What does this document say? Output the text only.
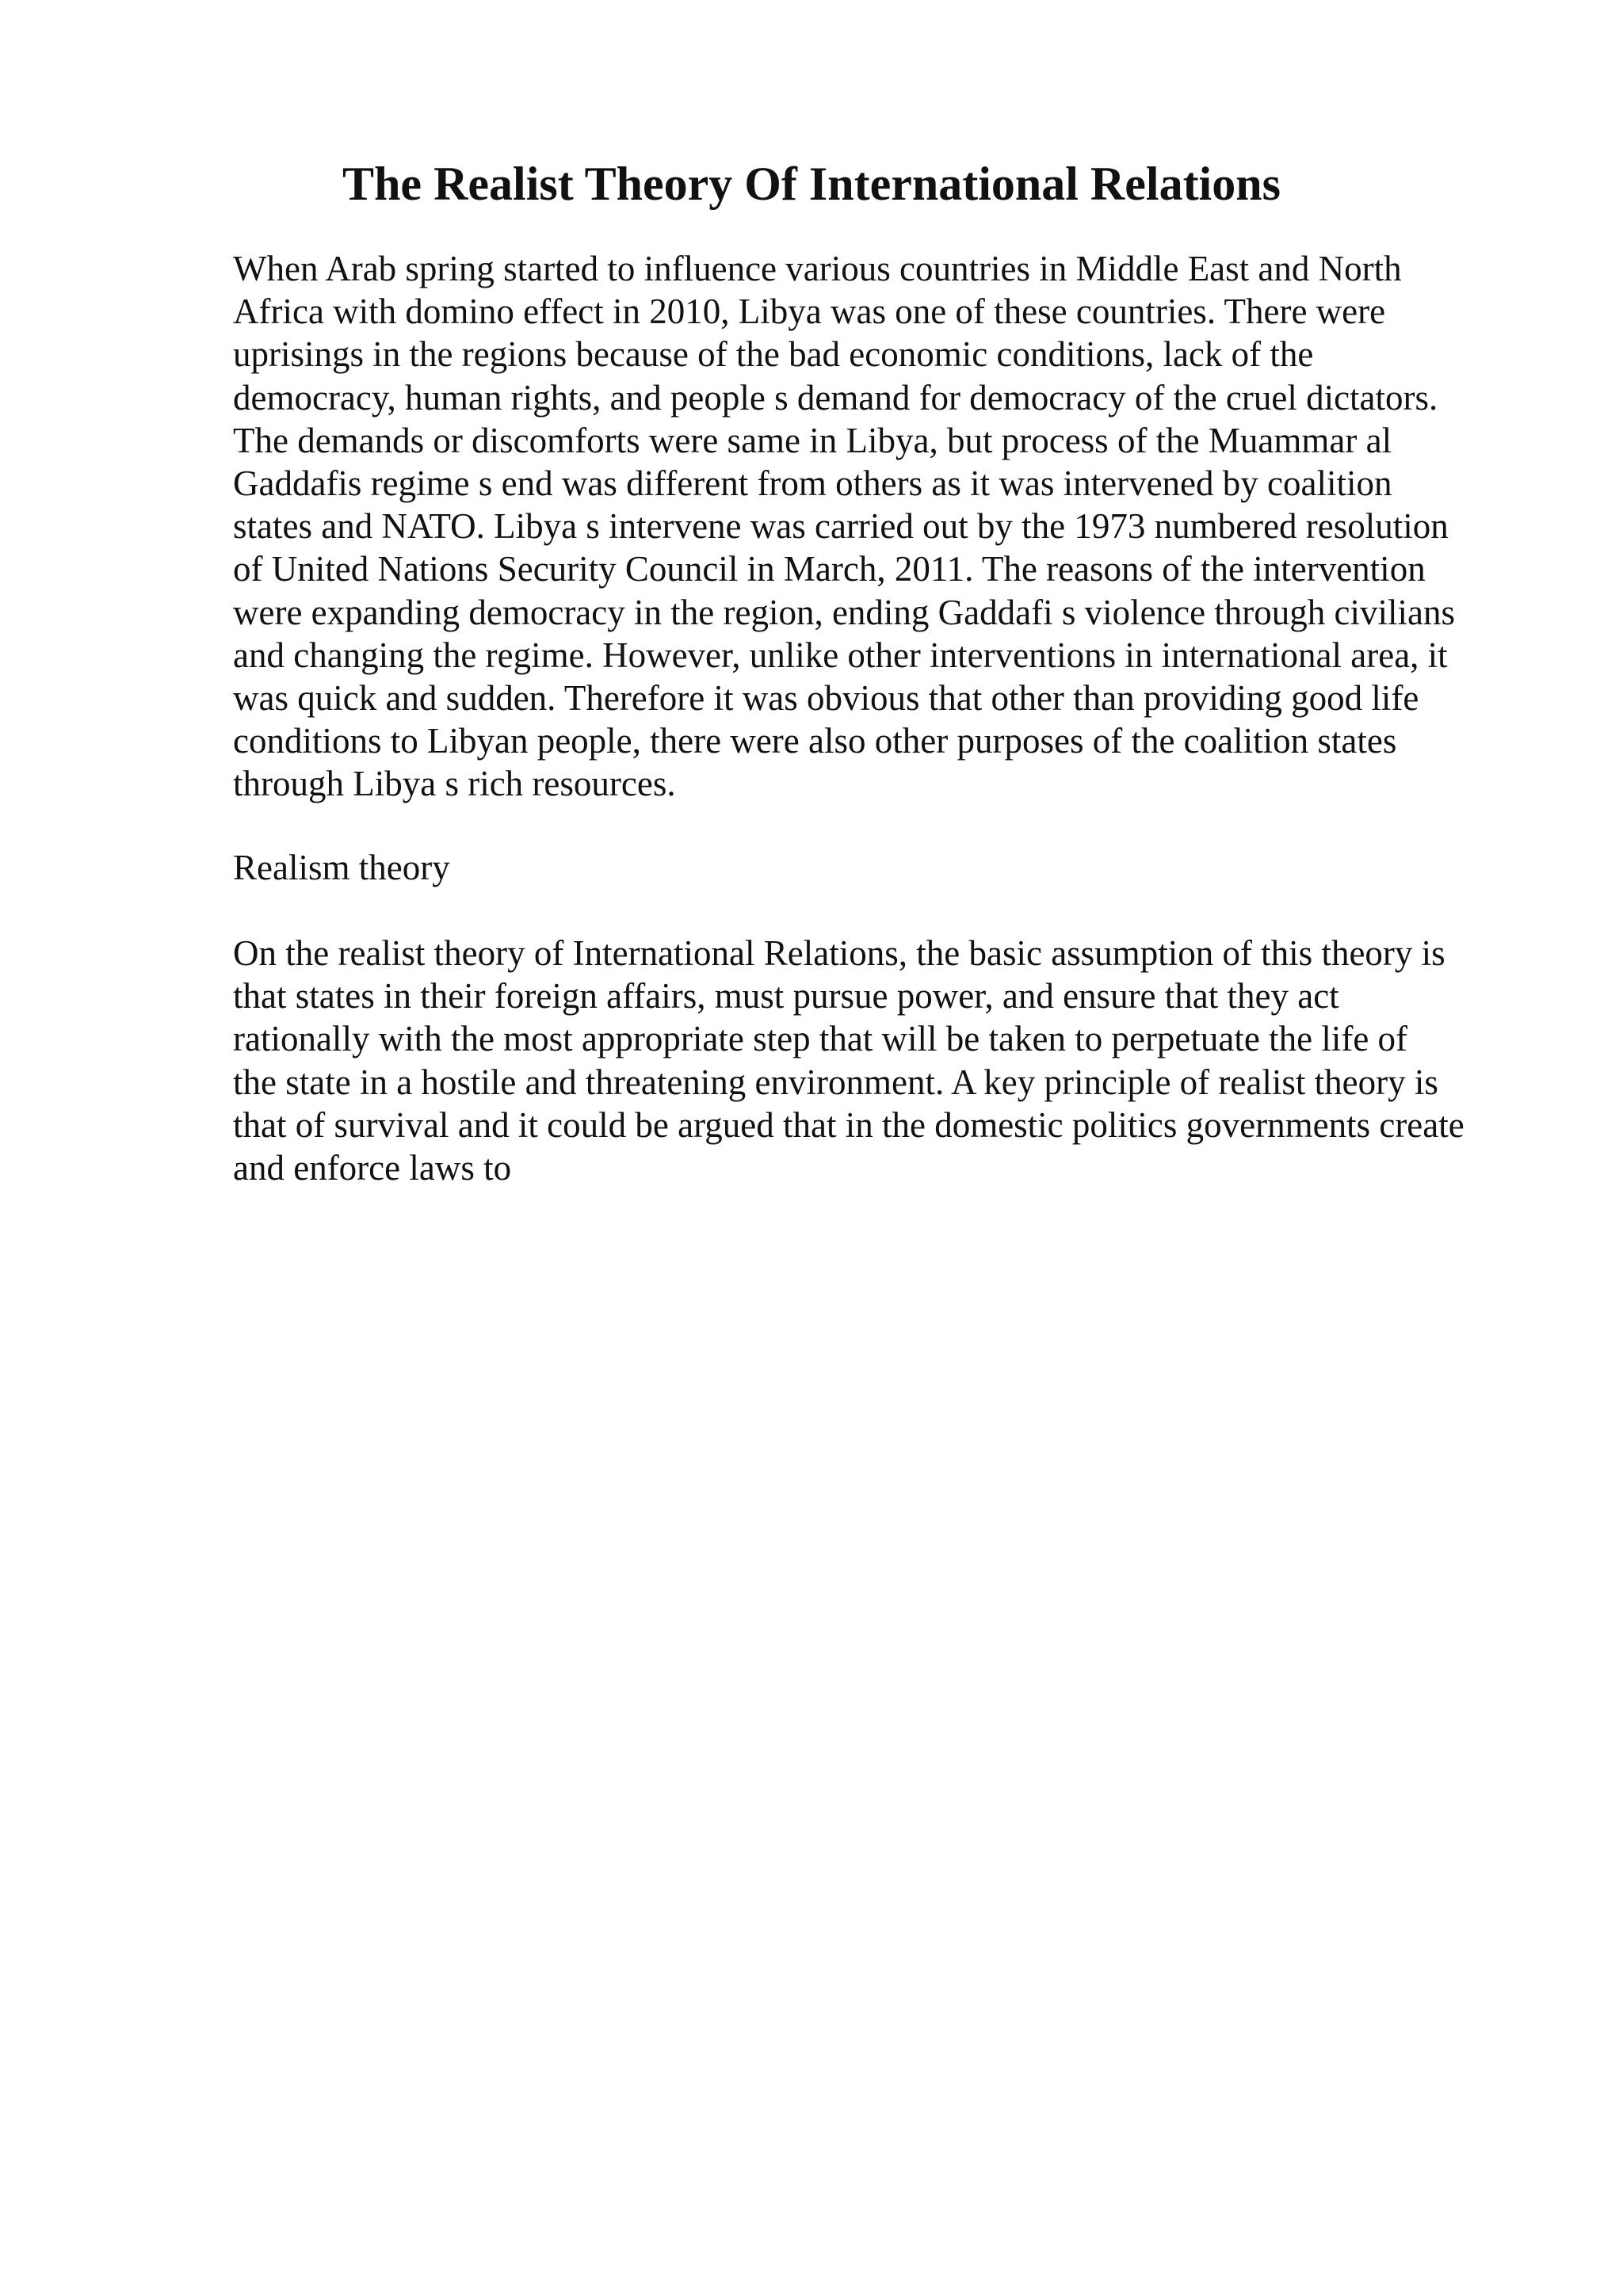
The Realist Theory Of International Relations
When Arab spring started to influence various countries in Middle East and North
Africa with domino effect in 2010, Libya was one of these countries. There were
uprisings in the regions because of the bad economic conditions, lack of the
democracy, human rights, and people s demand for democracy of the cruel dictators.
The demands or discomforts were same in Libya, but process of the Muammar al
Gaddafis regime s end was different from others as it was intervened by coalition
states and NATO. Libya s intervene was carried out by the 1973 numbered resolution
of United Nations Security Council in March, 2011. The reasons of the intervention
were expanding democracy in the region, ending Gaddafi s violence through civilians
and changing the regime. However, unlike other interventions in international area, it
was quick and sudden. Therefore it was obvious that other than providing good life
conditions to Libyan people, there were also other purposes of the coalition states
through Libya s rich resources.
Realism theory
On the realist theory of International Relations, the basic assumption of this theory is
that states in their foreign affairs, must pursue power, and ensure that they act
rationally with the most appropriate step that will be taken to perpetuate the life of
the state in a hostile and threatening environment. A key principle of realist theory is
that of survival and it could be argued that in the domestic politics governments create
and enforce laws to
